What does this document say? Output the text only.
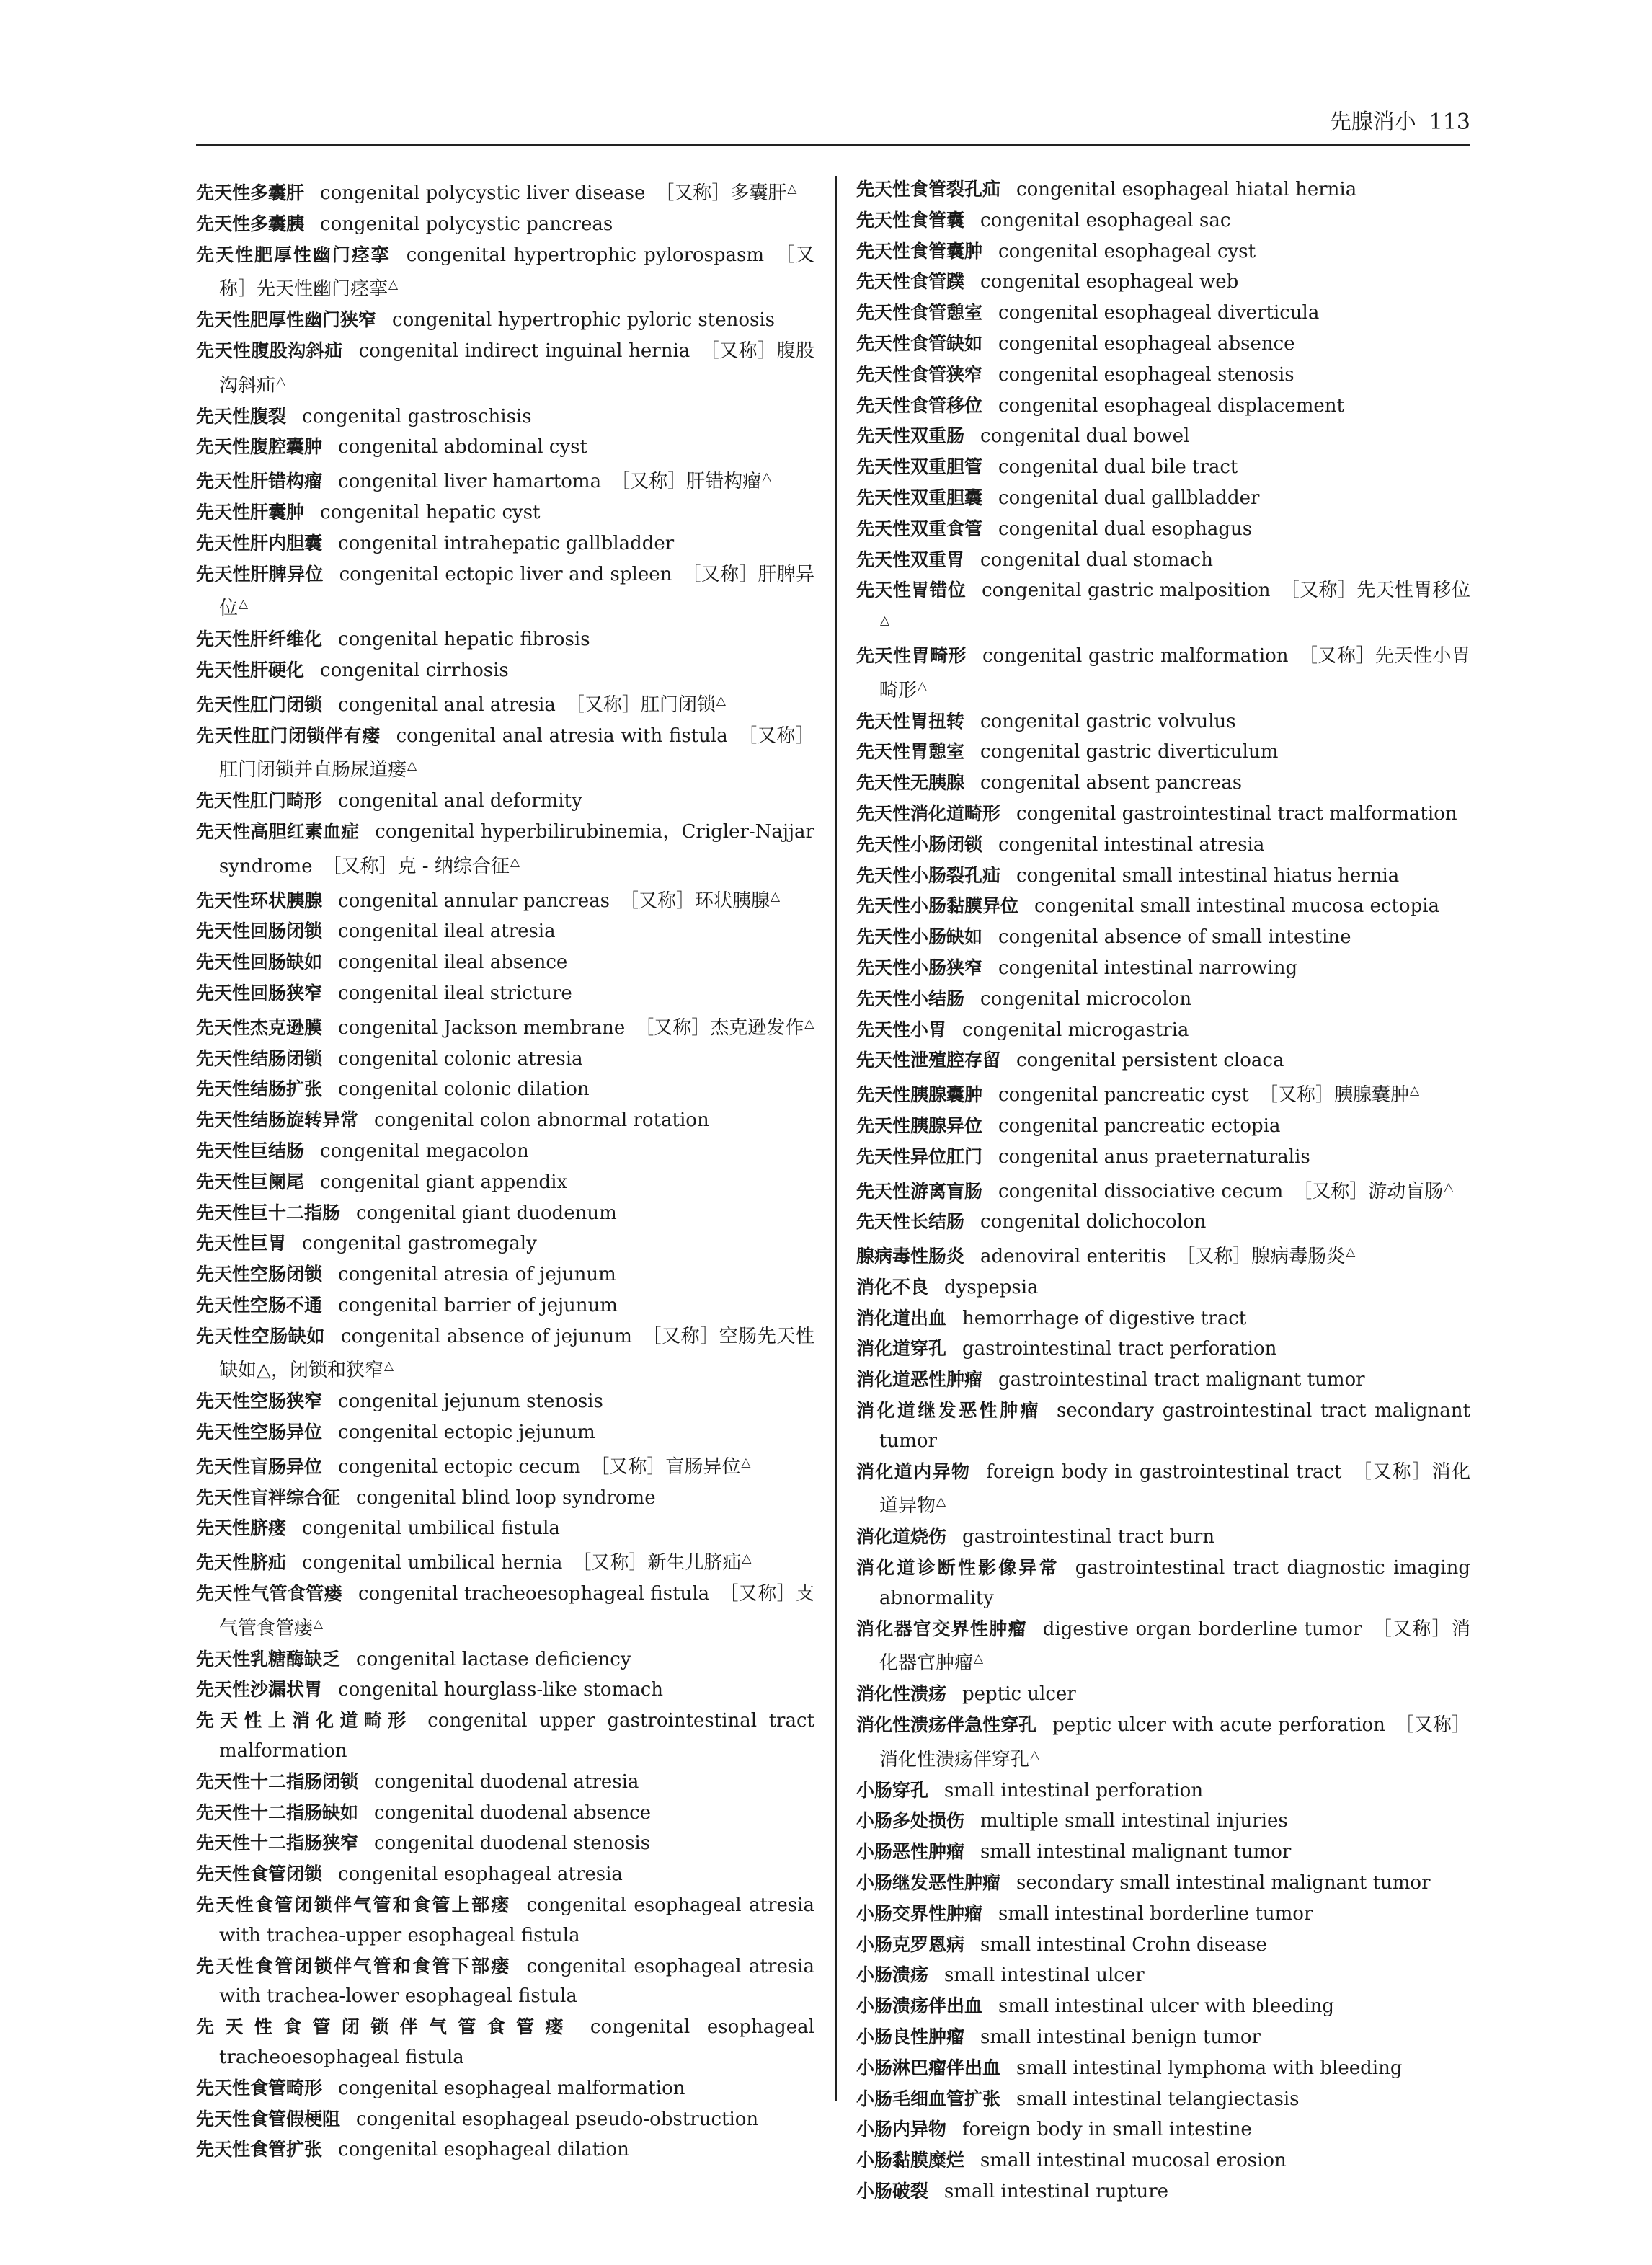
先腺消小 113

先天性多囊肝 congenital polycystic liver disease ［又称］多囊肝△

先天性多囊胰 congenital polycystic pancreas

先天性肥厚性幽门痉挛 congenital hypertrophic pylorospasm ［又称］先天性幽门痉挛△

先天性肥厚性幽门狭窄 congenital hypertrophic pyloric stenosis

先天性腹股沟斜疝 congenital indirect inguinal hernia ［又称］腹股沟斜疝△

先天性腹裂 congenital gastroschisis

先天性腹腔囊肿 congenital abdominal cyst

先天性肝错构瘤 congenital liver hamartoma ［又称］肝错构瘤△

先天性肝囊肿 congenital hepatic cyst

先天性肝内胆囊 congenital intrahepatic gallbladder

先天性肝脾异位 congenital ectopic liver and spleen ［又称］肝脾异位△

先天性肝纤维化 congenital hepatic fibrosis

先天性肝硬化 congenital cirrhosis

先天性肛门闭锁 congenital anal atresia ［又称］肛门闭锁△

先天性肛门闭锁伴有瘘 congenital anal atresia with fistula ［又称］肛门闭锁并直肠尿道瘘△

先天性肛门畸形 congenital anal deformity

先天性高胆红素血症 congenital hyperbilirubinemia，Crigler-Najjar syndrome ［又称］克 - 纳综合征△

先天性环状胰腺 congenital annular pancreas ［又称］环状胰腺△

先天性回肠闭锁 congenital ileal atresia

先天性回肠缺如 congenital ileal absence

先天性回肠狭窄 congenital ileal stricture

先天性杰克逊膜 congenital Jackson membrane ［又称］杰克逊发作△

先天性结肠闭锁 congenital colonic atresia

先天性结肠扩张 congenital colonic dilation

先天性结肠旋转异常 congenital colon abnormal rotation

先天性巨结肠 congenital megacolon

先天性巨阑尾 congenital giant appendix

先天性巨十二指肠 congenital giant duodenum

先天性巨胃 congenital gastromegaly

先天性空肠闭锁 congenital atresia of jejunum

先天性空肠不通 congenital barrier of jejunum

先天性空肠缺如 congenital absence of jejunum ［又称］空肠先天性缺如△，闭锁和狭窄△

先天性空肠狭窄 congenital jejunum stenosis

先天性空肠异位 congenital ectopic jejunum

先天性盲肠异位 congenital ectopic cecum ［又称］盲肠异位△

先天性盲袢综合征 congenital blind loop syndrome

先天性脐瘘 congenital umbilical fistula

先天性脐疝 congenital umbilical hernia ［又称］新生儿脐疝△

先天性气管食管瘘 congenital tracheoesophageal fistula ［又称］支气管食管瘘△

先天性乳糖酶缺乏 congenital lactase deficiency

先天性沙漏状胃 congenital hourglass-like stomach

先天性上消化道畸形 congenital upper gastrointestinal tract malformation

先天性十二指肠闭锁 congenital duodenal atresia

先天性十二指肠缺如 congenital duodenal absence

先天性十二指肠狭窄 congenital duodenal stenosis

先天性食管闭锁 congenital esophageal atresia

先天性食管闭锁伴气管和食管上部瘘 congenital esophageal atresia with trachea-upper esophageal fistula

先天性食管闭锁伴气管和食管下部瘘 congenital esophageal atresia with trachea-lower esophageal fistula

先天性食管闭锁伴气管食管瘘 congenital esophageal tracheoesophageal fistula

先天性食管畸形 congenital esophageal malformation

先天性食管假梗阻 congenital esophageal pseudo-obstruction

先天性食管扩张 congenital esophageal dilation

先天性食管裂孔疝 congenital esophageal hiatal hernia

先天性食管囊 congenital esophageal sac

先天性食管囊肿 congenital esophageal cyst

先天性食管蹼 congenital esophageal web

先天性食管憩室 congenital esophageal diverticula

先天性食管缺如 congenital esophageal absence

先天性食管狭窄 congenital esophageal stenosis

先天性食管移位 congenital esophageal displacement

先天性双重肠 congenital dual bowel

先天性双重胆管 congenital dual bile tract

先天性双重胆囊 congenital dual gallbladder

先天性双重食管 congenital dual esophagus

先天性双重胃 congenital dual stomach

先天性胃错位 congenital gastric malposition ［又称］先天性胃移位△

先天性胃畸形 congenital gastric malformation ［又称］先天性小胃畸形△

先天性胃扭转 congenital gastric volvulus

先天性胃憩室 congenital gastric diverticulum

先天性无胰腺 congenital absent pancreas

先天性消化道畸形 congenital gastrointestinal tract malformation

先天性小肠闭锁 congenital intestinal atresia

先天性小肠裂孔疝 congenital small intestinal hiatus hernia

先天性小肠黏膜异位 congenital small intestinal mucosa ectopia

先天性小肠缺如 congenital absence of small intestine

先天性小肠狭窄 congenital intestinal narrowing

先天性小结肠 congenital microcolon

先天性小胃 congenital microgastria

先天性泄殖腔存留 congenital persistent cloaca

先天性胰腺囊肿 congenital pancreatic cyst ［又称］胰腺囊肿△

先天性胰腺异位 congenital pancreatic ectopia

先天性异位肛门 congenital anus praeternaturalis

先天性游离盲肠 congenital dissociative cecum ［又称］游动盲肠△

先天性长结肠 congenital dolichocolon

腺病毒性肠炎 adenoviral enteritis ［又称］腺病毒肠炎△

消化不良 dyspepsia

消化道出血 hemorrhage of digestive tract

消化道穿孔 gastrointestinal tract perforation

消化道恶性肿瘤 gastrointestinal tract malignant tumor

消化道继发恶性肿瘤 secondary gastrointestinal tract malignant tumor

消化道内异物 foreign body in gastrointestinal tract ［又称］消化道异物△

消化道烧伤 gastrointestinal tract burn

消化道诊断性影像异常 gastrointestinal tract diagnostic imaging abnormality

消化器官交界性肿瘤 digestive organ borderline tumor ［又称］消化器官肿瘤△

消化性溃疡 peptic ulcer

消化性溃疡伴急性穿孔 peptic ulcer with acute perforation ［又称］消化性溃疡伴穿孔△

小肠穿孔 small intestinal perforation

小肠多处损伤 multiple small intestinal injuries

小肠恶性肿瘤 small intestinal malignant tumor

小肠继发恶性肿瘤 secondary small intestinal malignant tumor

小肠交界性肿瘤 small intestinal borderline tumor

小肠克罗恩病 small intestinal Crohn disease

小肠溃疡 small intestinal ulcer

小肠溃疡伴出血 small intestinal ulcer with bleeding

小肠良性肿瘤 small intestinal benign tumor

小肠淋巴瘤伴出血 small intestinal lymphoma with bleeding

小肠毛细血管扩张 small intestinal telangiectasis

小肠内异物 foreign body in small intestine

小肠黏膜糜烂 small intestinal mucosal erosion

小肠破裂 small intestinal rupture
